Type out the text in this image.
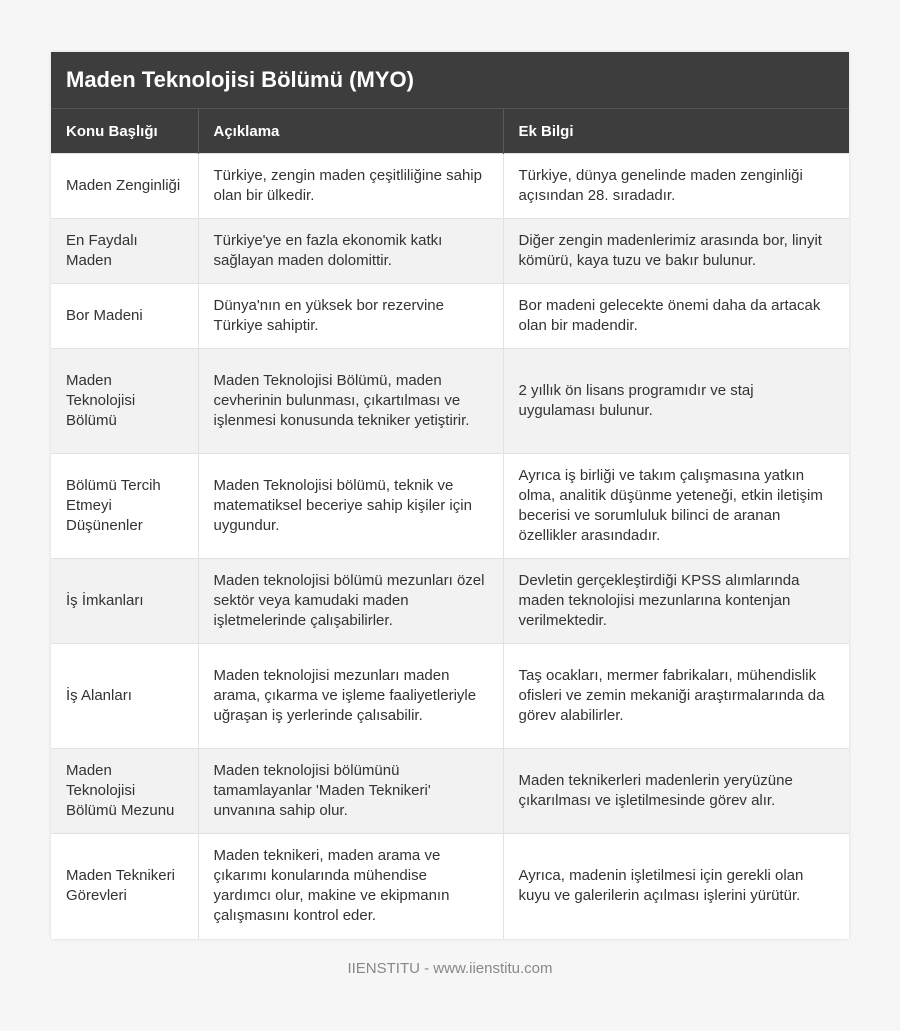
Maden Teknolojisi Bölümü (MYO)
Konu Başlığı	Açıklama	Ek Bilgi
Maden Zenginliği	Türkiye, zengin maden çeşitliliğine sahip olan bir ülkedir.	Türkiye, dünya genelinde maden zenginliği açısından 28. sıradadır.
En Faydalı Maden	Türkiye'ye en fazla ekonomik katkı sağlayan maden dolomittir.	Diğer zengin madenlerimiz arasında bor, linyit kömürü, kaya tuzu ve bakır bulunur.
Bor Madeni	Dünya'nın en yüksek bor rezervine Türkiye sahiptir.	Bor madeni gelecekte önemi daha da artacak olan bir madendir.
Maden Teknolojisi Bölümü	Maden Teknolojisi Bölümü, maden cevherinin bulunması, çıkartılması ve işlenmesi konusunda tekniker yetiştirir.	2 yıllık ön lisans programıdır ve staj uygulaması bulunur.
Bölümü Tercih Etmeyi Düşünenler	Maden Teknolojisi bölümü, teknik ve matematiksel beceriye sahip kişiler için uygundur.	Ayrıca iş birliği ve takım çalışmasına yatkın olma, analitik düşünme yeteneği, etkin iletişim becerisi ve sorumluluk bilinci de aranan özellikler arasındadır.
İş İmkanları	Maden teknolojisi bölümü mezunları özel sektör veya kamudaki maden işletmelerinde çalışabilirler.	Devletin gerçekleştirdiği KPSS alımlarında maden teknolojisi mezunlarına kontenjan verilmektedir.
İş Alanları	Maden teknolojisi mezunları maden arama, çıkarma ve işleme faaliyetleriyle uğraşan iş yerlerinde çalısabilir.	Taş ocakları, mermer fabrikaları, mühendislik ofisleri ve zemin mekaniği araştırmalarında da görev alabilirler.
Maden Teknolojisi Bölümü Mezunu	Maden teknolojisi bölümünü tamamlayanlar 'Maden Teknikeri' unvanına sahip olur.	Maden teknikerleri madenlerin yeryüzüne çıkarılması ve işletilmesinde görev alır.
Maden Teknikeri Görevleri	Maden teknikeri, maden arama ve çıkarımı konularında mühendise yardımcı olur, makine ve ekipmanın çalışmasını kontrol eder.	Ayrıca, madenin işletilmesi için gerekli olan kuyu ve galerilerin açılması işlerini yürütür.
IIENSTITU - www.iienstitu.com
